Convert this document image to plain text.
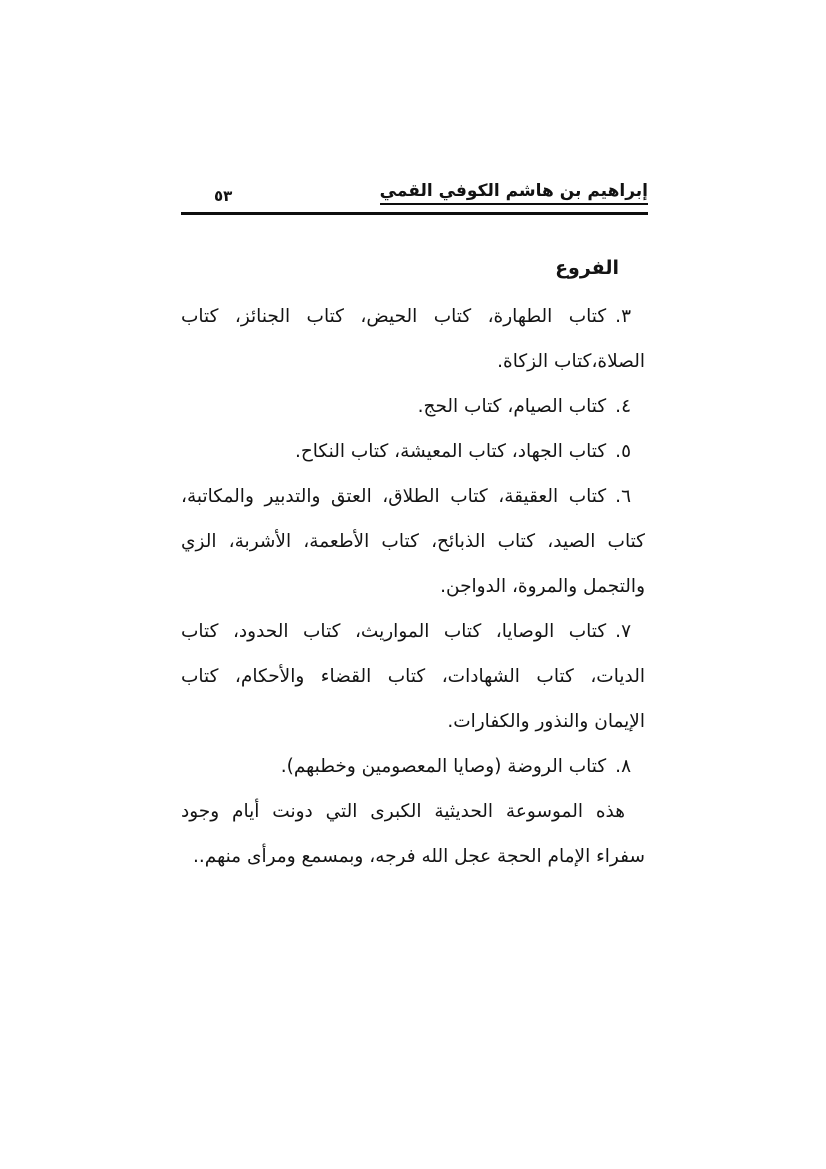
إبراهيم بن هاشم الكوفي القمي
٥٣
الفروع
٣.كتاب الطهارة، كتاب الحيض، كتاب الجنائز، كتاب
الصلاة،كتاب الزكاة.
٤.كتاب الصيام، كتاب الحج.
٥.كتاب الجهاد، كتاب المعيشة، كتاب النكاح.
٦.كتاب العقيقة، كتاب الطلاق، العتق والتدبير والمكاتبة،
كتاب الصيد، كتاب الذبائح، كتاب الأطعمة، الأشربة، الزي
والتجمل والمروة، الدواجن.
٧.كتاب الوصايا، كتاب المواريث، كتاب الحدود، كتاب
الديات، كتاب الشهادات، كتاب القضاء والأحكام، كتاب
الإيمان والنذور والكفارات.
٨.كتاب الروضة (وصايا المعصومين وخطبهم).
هذه الموسوعة الحديثية الكبرى التي دونت أيام وجود
سفراء الإمام الحجة عجل الله فرجه، وبمسمع ومرأى منهم..
